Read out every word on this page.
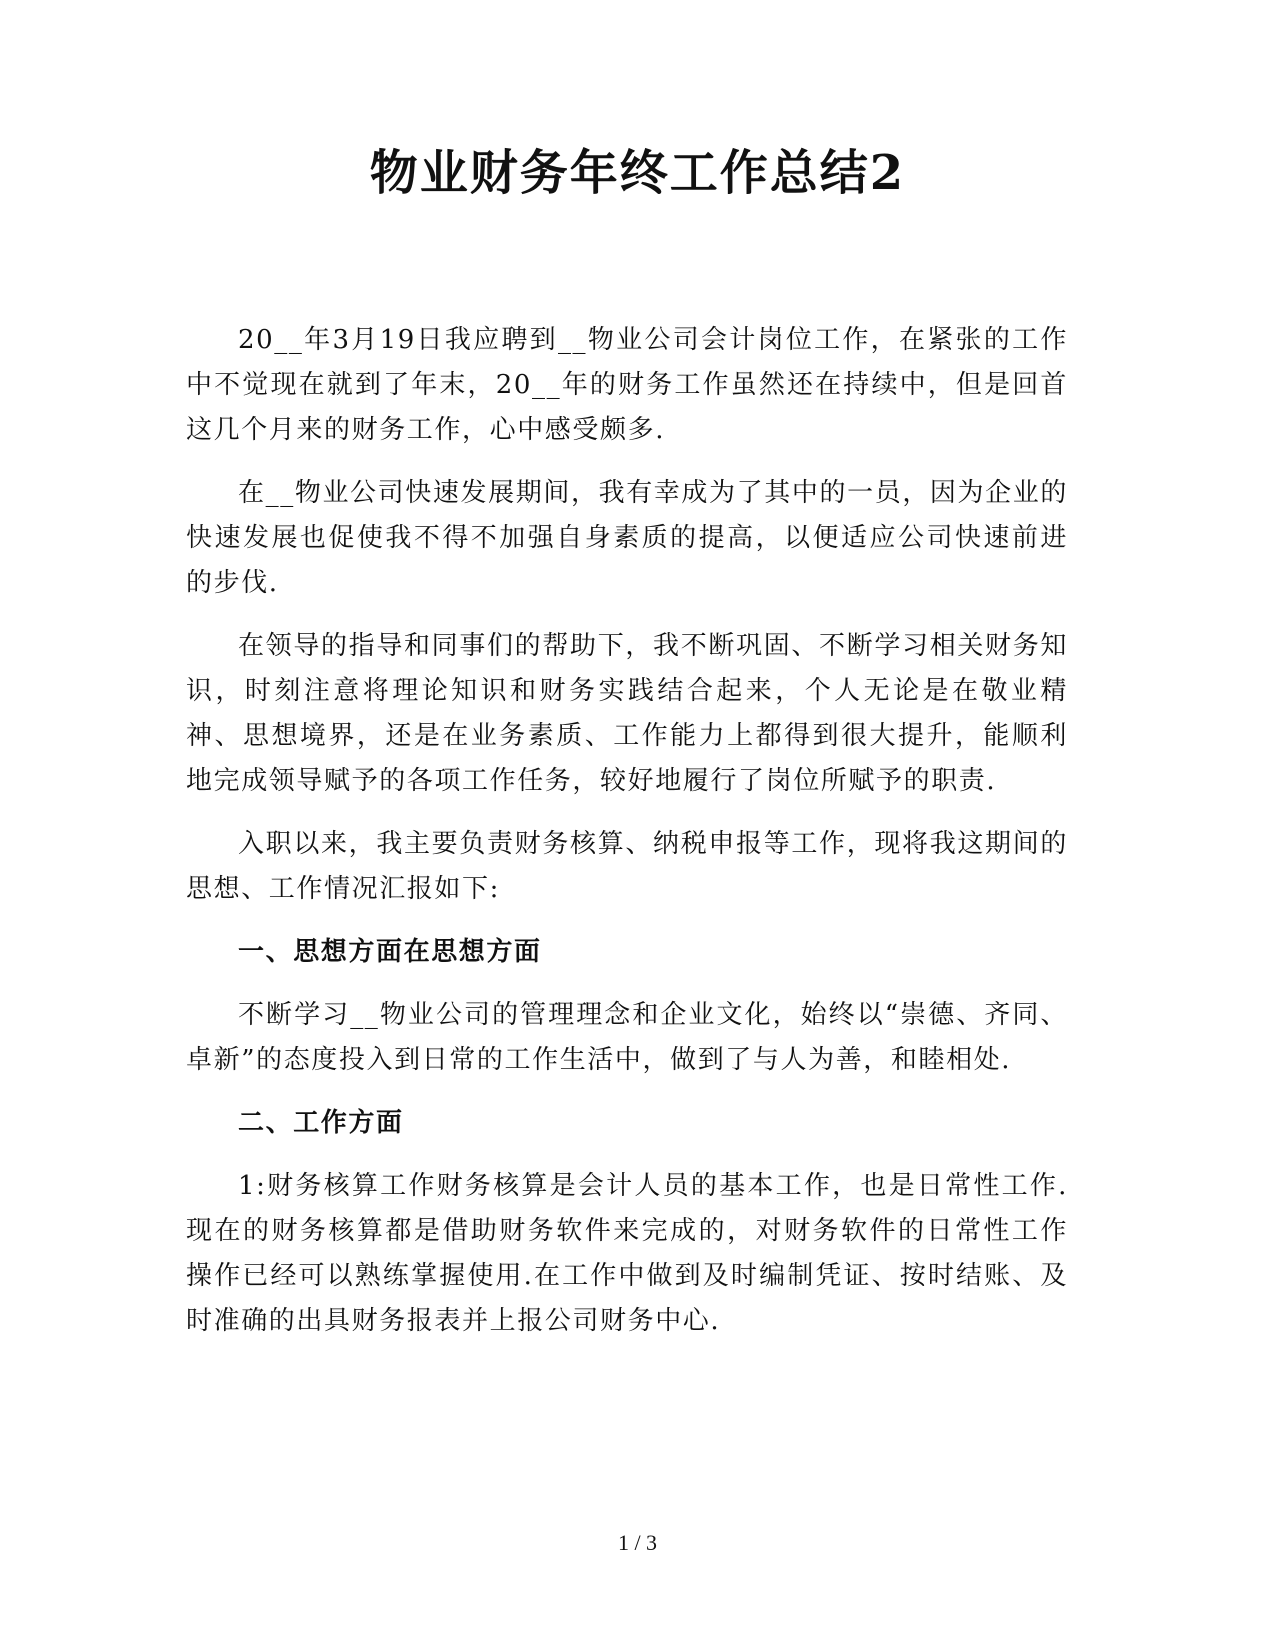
物业财务年终工作总结2

20__年3月19日我应聘到__物业公司会计岗位工作，在紧张的工作中不觉现在就到了年末，20__年的财务工作虽然还在持续中，但是回首这几个月来的财务工作，心中感受颇多.

在__物业公司快速发展期间，我有幸成为了其中的一员，因为企业的快速发展也促使我不得不加强自身素质的提高，以便适应公司快速前进的步伐.

在领导的指导和同事们的帮助下，我不断巩固、不断学习相关财务知识，时刻注意将理论知识和财务实践结合起来，个人无论是在敬业精神、思想境界，还是在业务素质、工作能力上都得到很大提升，能顺利地完成领导赋予的各项工作任务，较好地履行了岗位所赋予的职责.

入职以来，我主要负责财务核算、纳税申报等工作，现将我这期间的思想、工作情况汇报如下:

一、思想方面在思想方面

不断学习__物业公司的管理理念和企业文化，始终以“崇德、齐同、卓新”的态度投入到日常的工作生活中，做到了与人为善，和睦相处.

二、工作方面

1:财务核算工作财务核算是会计人员的基本工作，也是日常性工作.现在的财务核算都是借助财务软件来完成的，对财务软件的日常性工作操作已经可以熟练掌握使用.在工作中做到及时编制凭证、按时结账、及时准确的出具财务报表并上报公司财务中心.

1 / 3
